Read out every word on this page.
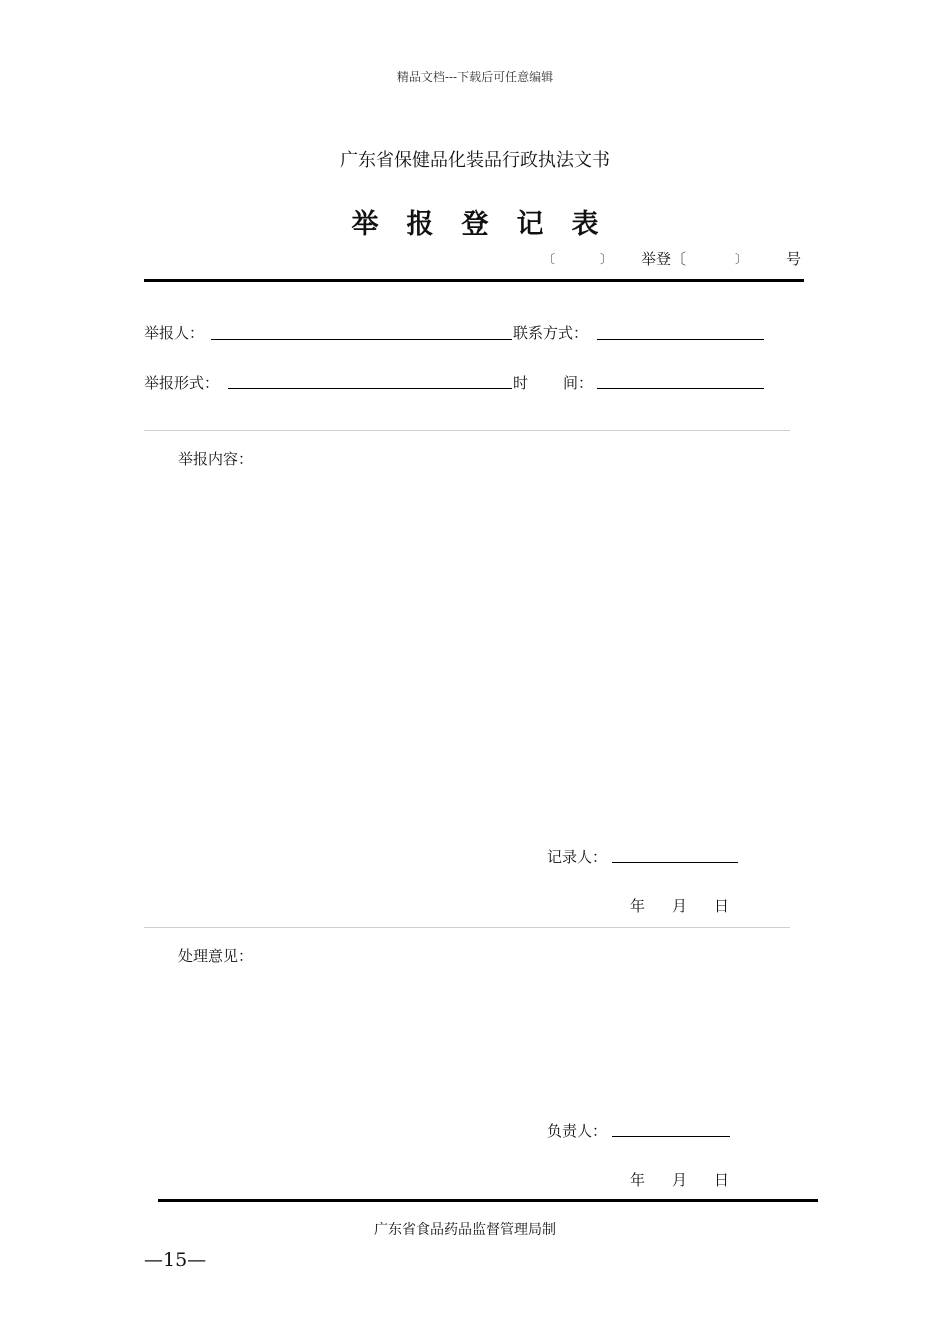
精品文档---下载后可任意编辑
广东省保健品化装品行政执法文书
举报登记表
〔	〕 举登〔	〕	号
举报人：	联系方式：
举报形式：	时 间：
举报内容：
记录人：
年 月 日
处理意见：
负责人：
年 月 日
广东省食品药品监督管理局制
—15—
